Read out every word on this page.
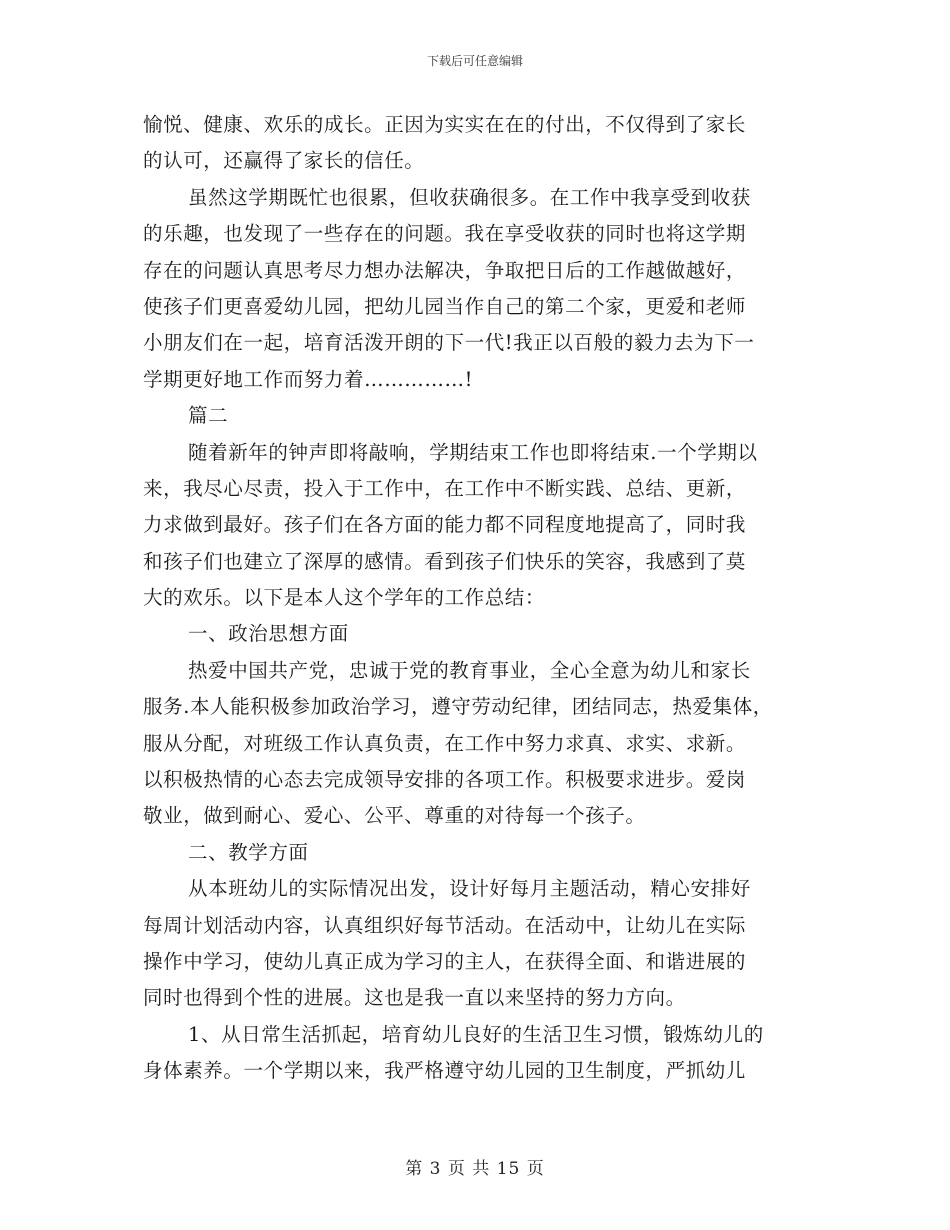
下载后可任意编辑
愉悦、健康、欢乐的成长。正因为实实在在的付出，不仅得到了家长
的认可，还赢得了家长的信任。
虽然这学期既忙也很累，但收获确很多。在工作中我享受到收获
的乐趣，也发现了一些存在的问题。我在享受收获的同时也将这学期
存在的问题认真思考尽力想办法解决，争取把日后的工作越做越好，
使孩子们更喜爱幼儿园，把幼儿园当作自己的第二个家，更爱和老师
小朋友们在一起，培育活泼开朗的下一代!我正以百般的毅力去为下一
学期更好地工作而努力着……………!
篇二
随着新年的钟声即将敲响，学期结束工作也即将结束.一个学期以
来，我尽心尽责，投入于工作中，在工作中不断实践、总结、更新，
力求做到最好。孩子们在各方面的能力都不同程度地提高了，同时我
和孩子们也建立了深厚的感情。看到孩子们快乐的笑容，我感到了莫
大的欢乐。以下是本人这个学年的工作总结：
一、政治思想方面
热爱中国共产党，忠诚于党的教育事业，全心全意为幼儿和家长
服务.本人能积极参加政治学习，遵守劳动纪律，团结同志，热爱集体，
服从分配，对班级工作认真负责，在工作中努力求真、求实、求新。
以积极热情的心态去完成领导安排的各项工作。积极要求进步。爱岗
敬业，做到耐心、爱心、公平、尊重的对待每一个孩子。
二、教学方面
从本班幼儿的实际情况出发，设计好每月主题活动，精心安排好
每周计划活动内容，认真组织好每节活动。在活动中，让幼儿在实际
操作中学习，使幼儿真正成为学习的主人，在获得全面、和谐进展的
同时也得到个性的进展。这也是我一直以来坚持的努力方向。
1、从日常生活抓起，培育幼儿良好的生活卫生习惯，锻炼幼儿的
身体素养。一个学期以来，我严格遵守幼儿园的卫生制度，严抓幼儿
第 3 页 共 15 页
